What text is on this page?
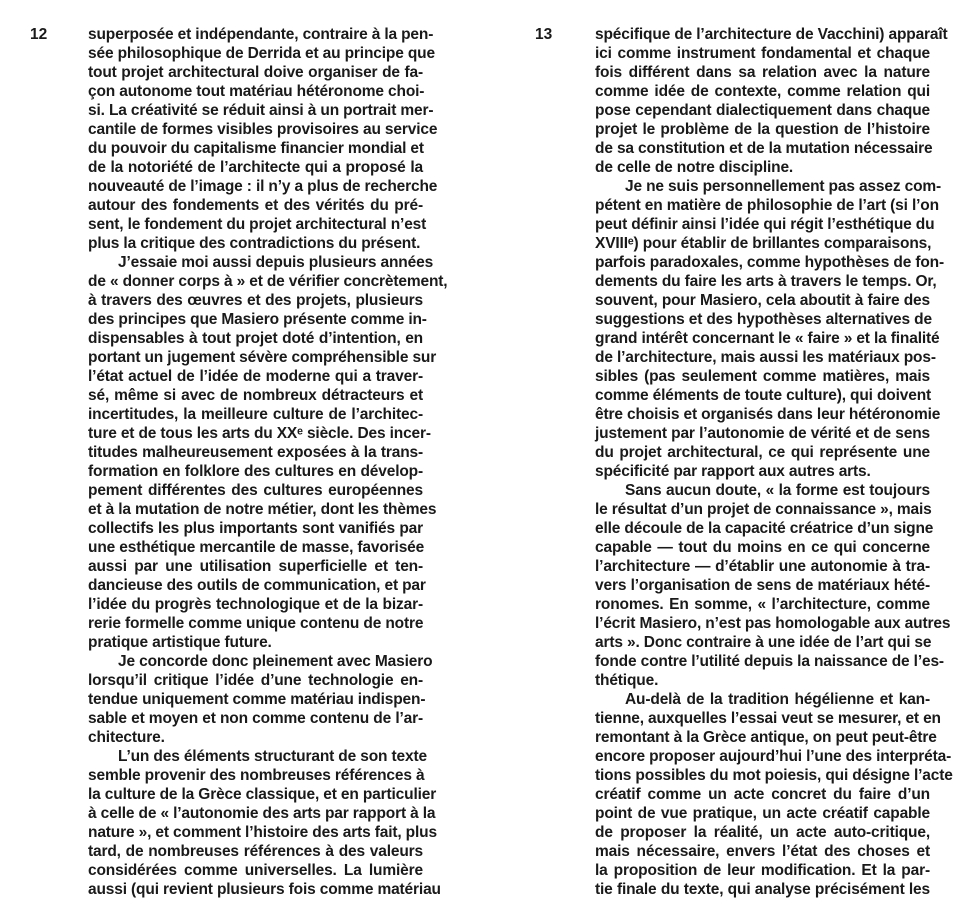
12	superposée et indépendante, contraire à la pen-
sée philosophique de Derrida et au principe que
tout projet architectural doive organiser de fa-
çon autonome tout matériau hétéronome choi-
si. La créativité se réduit ainsi à un portrait mer-
cantile de formes visibles provisoires au service
du pouvoir du capitalisme financier mondial et
de la notoriété de l’architecte qui a proposé la
nouveauté de l’image : il n’y a plus de recherche
autour des fondements et des vérités du pré-
sent, le fondement du projet architectural n’est
plus la critique des contradictions du présent.
J’essaie moi aussi depuis plusieurs années
de « donner corps à » et de vérifier concrètement,
à travers des œuvres et des projets, plusieurs
des principes que Masiero présente comme in-
dispensables à tout projet doté d’intention, en
portant un jugement sévère compréhensible sur
l’état actuel de l’idée de moderne qui a traver-
sé, même si avec de nombreux détracteurs et
incertitudes, la meilleure culture de l’architec-
ture et de tous les arts du XXᵉ siècle. Des incer-
titudes malheureusement exposées à la trans-
formation en folklore des cultures en dévelop-
pement différentes des cultures européennes
et à la mutation de notre métier, dont les thèmes
collectifs les plus importants sont vanifiés par
une esthétique mercantile de masse, favorisée
aussi par une utilisation superficielle et ten-
dancieuse des outils de communication, et par
l’idée du progrès technologique et de la bizar-
rerie formelle comme unique contenu de notre
pratique artistique future.
Je concorde donc pleinement avec Masiero
lorsqu’il critique l’idée d’une technologie en-
tendue uniquement comme matériau indispen-
sable et moyen et non comme contenu de l’ar-
chitecture.
L’un des éléments structurant de son texte
semble provenir des nombreuses références à
la culture de la Grèce classique, et en particulier
à celle de « l’autonomie des arts par rapport à la
nature », et comment l’histoire des arts fait, plus
tard, de nombreuses références à des valeurs
considérées comme universelles. La lumière
aussi (qui revient plusieurs fois comme matériau
13	spécifique de l’architecture de Vacchini) apparaît
ici comme instrument fondamental et chaque
fois différent dans sa relation avec la nature
comme idée de contexte, comme relation qui
pose cependant dialectiquement dans chaque
projet le problème de la question de l’histoire
de sa constitution et de la mutation nécessaire
de celle de notre discipline.
Je ne suis personnellement pas assez com-
pétent en matière de philosophie de l’art (si l’on
peut définir ainsi l’idée qui régit l’esthétique du
XVIIIᵉ) pour établir de brillantes comparaisons,
parfois paradoxales, comme hypothèses de fon-
dements du faire les arts à travers le temps. Or,
souvent, pour Masiero, cela aboutit à faire des
suggestions et des hypothèses alternatives de
grand intérêt concernant le « faire » et la finalité
de l’architecture, mais aussi les matériaux pos-
sibles (pas seulement comme matières, mais
comme éléments de toute culture), qui doivent
être choisis et organisés dans leur hétéronomie
justement par l’autonomie de vérité et de sens
du projet architectural, ce qui représente une
spécificité par rapport aux autres arts.
Sans aucun doute, « la forme est toujours
le résultat d’un projet de connaissance », mais
elle découle de la capacité créatrice d’un signe
capable — tout du moins en ce qui concerne
l’architecture — d’établir une autonomie à tra-
vers l’organisation de sens de matériaux hété-
ronomes. En somme, « l’architecture, comme
l’écrit Masiero, n’est pas homologable aux autres
arts ». Donc contraire à une idée de l’art qui se
fonde contre l’utilité depuis la naissance de l’es-
thétique.
Au-delà de la tradition hégélienne et kan-
tienne, auxquelles l’essai veut se mesurer, et en
remontant à la Grèce antique, on peut peut-être
encore proposer aujourd’hui l’une des interpréta-
tions possibles du mot poiesis, qui désigne l’acte
créatif comme un acte concret du faire d’un
point de vue pratique, un acte créatif capable
de proposer la réalité, un acte auto-critique,
mais nécessaire, envers l’état des choses et
la proposition de leur modification. Et la par-
tie finale du texte, qui analyse précisément les
